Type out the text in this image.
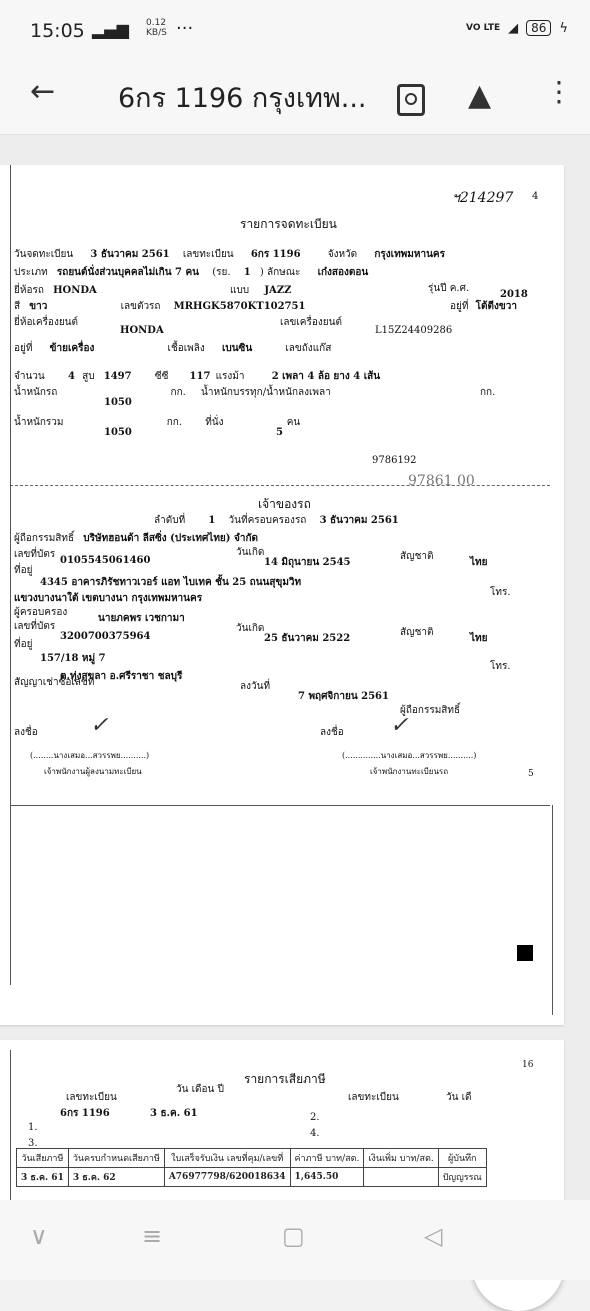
15:05 ▂▄▆ 0.12
KB/S ···	VO LTE ◢	86	ϟ
← 6กร 1196 กรุงเทพ...	▲ ⋮
ฯ214297 4
รายการจดทะเบียน
วันจดทะเบียน 3 ธันวาคม 2561 เลขทะเบียน 6กร 1196	จังหวัด กรุงเทพมหานคร
ประเภท รถยนต์นั่งส่วนบุคคลไม่เกิน 7 คน (รย. 1 ) ลักษณะ เก๋งสองตอน
ยี่ห้อรถ HONDA	แบบ JAZZ	รุ่นปี ค.ศ.
2018
สี ขาว	เลขตัวรถ MRHGK5870KT102751	อยู่ที่ โต้ตีงขวา
ยี่ห้อเครื่องยนต์
HONDA
เลขเครื่องยนต์
L15Z24409286
อยู่ที่ ข้ายเครื่อง	เชื้อเพลิง เบนซิน	เลขถังแก๊ส
จำนวน 4 สูบ 1497 ซีซี 117 แรงม้า	2 เพลา 4 ล้อ ยาง 4 เส้น
น้ำหนักรถ	กก. น้ำหนักบรรทุก/น้ำหนักลงเพลา
1050
กก.
น้ำหนักรวม	กก. ที่นั่ง	คน
1050	5
9786192
97861 00
เจ้าของรถ
ลำดับที่ 1 วันที่ครอบครองรถ 3 ธันวาคม 2561
ผู้ถือกรรมสิทธิ์ บริษัทฮอนด้า ลีสซิ่ง (ประเทศไทย) จำกัด
เลขที่บัตร
0105545061460
วันเกิด
14 มิถุนายน 2545
สัญชาติ
ไทย
ที่อยู่
4345 อาคารภิรัชทาวเวอร์ แอท ไบเทค ชั้น 25 ถนนสุขุมวิท
โทร.
แขวงบางนาใต้ เขตบางนา กรุงเทพมหานคร
ผู้ครอบครอง
นายภคพร เวชกามา
เลขที่บัตร
3200700375964
วันเกิด
25 ธันวาคม 2522
สัญชาติ
ไทย
ที่อยู่
157/18 หมู่ 7
โทร.
สัญญาเช่าซื้อเลขที่
ต.ทุ่งสุขลา อ.ศรีราชา ชลบุรี
ลงวันที่
7 พฤศจิกายน 2561
ผู้ถือกรรมสิทธิ์
ลงชื่อ	ลงชื่อ
✓	✓
(........นางเสมอ...สวรรพย..........)	(..............นางเสมอ...สวรรพย..........)
เจ้าพนักงานผู้ลงนามทะเบียน	เจ้าพนักงานทะเบียนรถ	5
รายการเสียภาษี
16
เลขทะเบียน
วัน เดือน ปี
เลขทะเบียน	วัน เดื
6กร 1196	3 ธ.ค. 61
1.
2.
3.
4.
วันเสียภาษี	วันครบกำหนดเสียภาษี	ใบเสร็จรับเงิน เลขที่คุม/เลขที่	ค่าภาษี บาท/สต.	เงินเพิ่ม บาท/สต.	ผู้บันทึก
3 ธ.ค. 61	3 ธ.ค. 62	A76977798/620018634	1,645.50		ปัญญรรณ
∨	≡	▢	◁
